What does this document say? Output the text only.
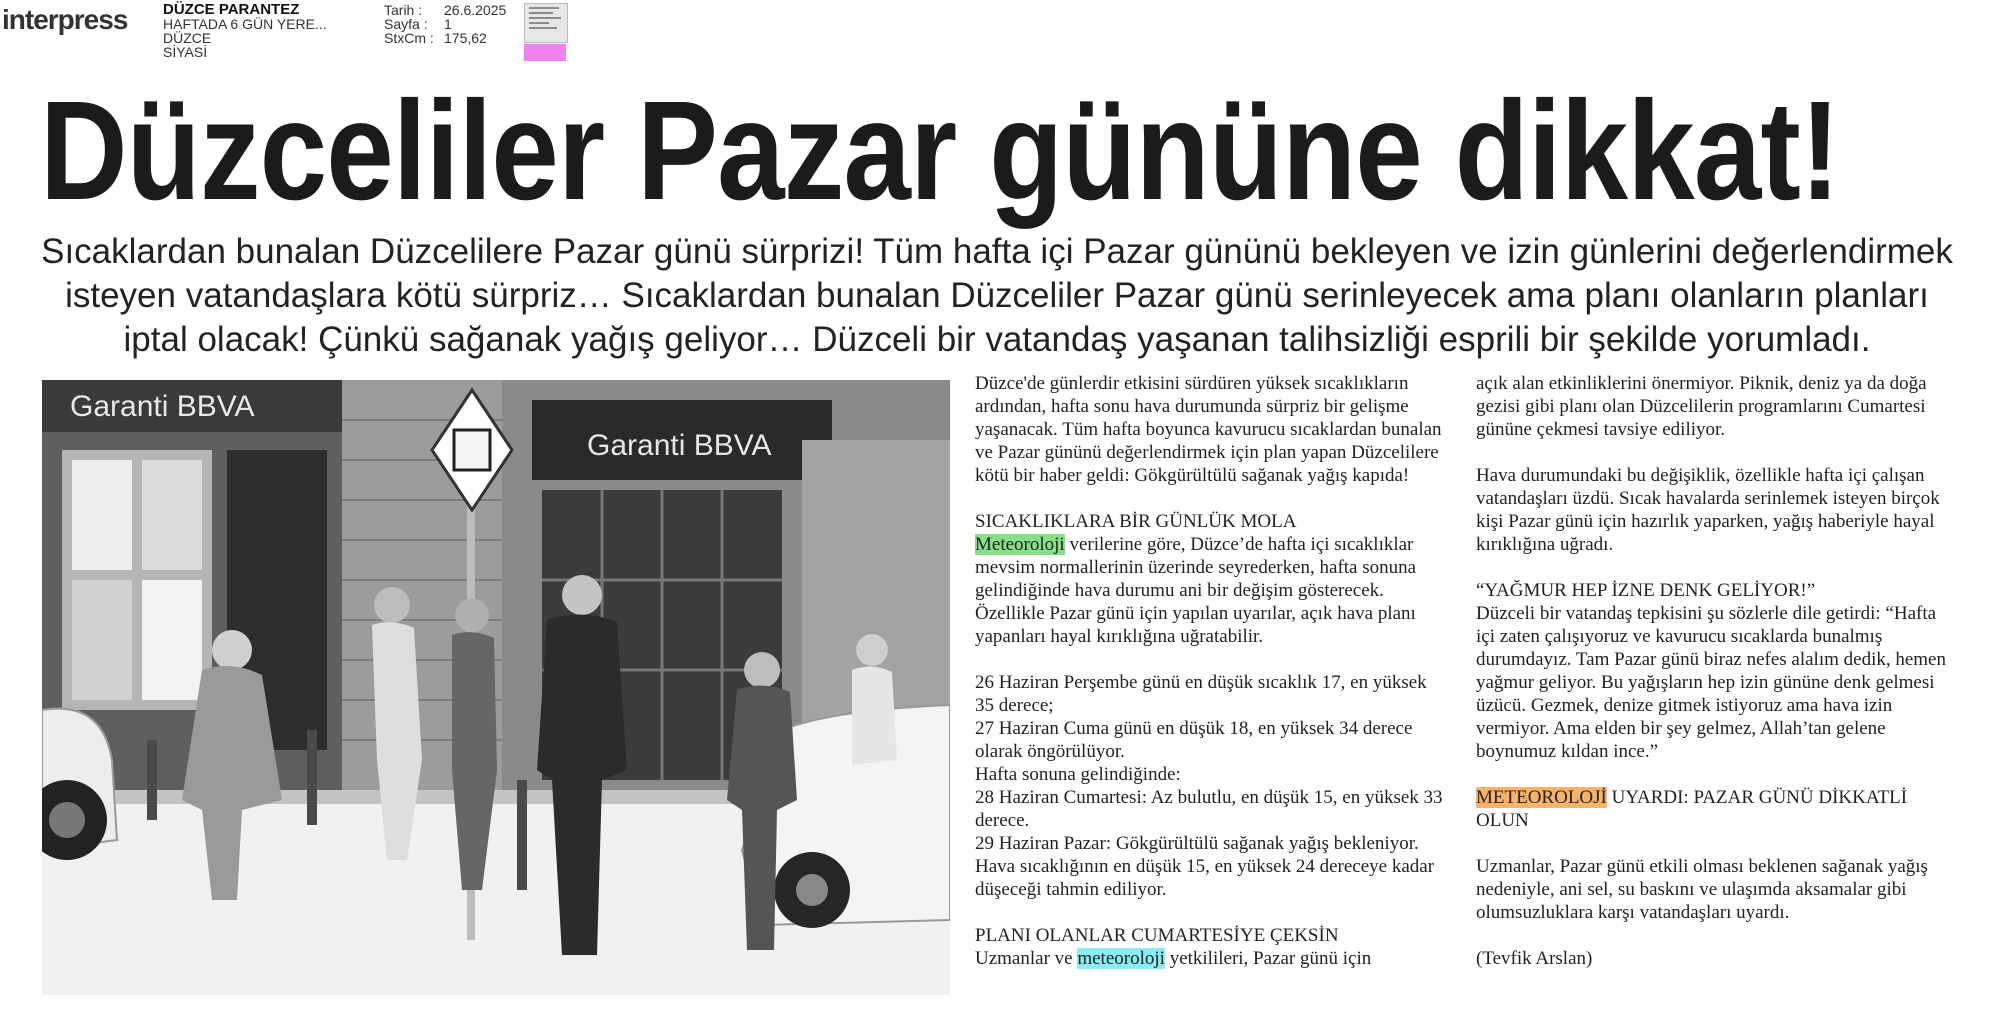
interpress DÜZCE PARANTEZ
HAFTADA 6 GÜN YERE...
DÜZCE
SİYASİ
Tarih :	26.6.2025
Sayfa :	1
StxCm : 175,62
Düzceliler Pazar gününe dikkat!

Sıcaklardan bunalan Düzcelilere Pazar günü sürprizi! Tüm hafta içi Pazar gününü bekleyen ve izin günlerini değerlendirmek isteyen vatandaşlara kötü sürpriz… Sıcaklardan bunalan Düzceliler Pazar günü serinleyecek ama planı olanların planları iptal olacak! Çünkü sağanak yağış geliyor… Düzceli bir vatandaş yaşanan talihsizliği esprili bir şekilde yorumladı.

Garanti BBVA
Garanti BBVA

Düzce'de günlerdir etkisini sürdüren yüksek sıcaklıkların ardından, hafta sonu hava durumunda sürpriz bir gelişme yaşanacak. Tüm hafta boyunca kavurucu sıcaklardan bunalan ve Pazar gününü değerlendirmek için plan yapan Düzcelilere kötü bir haber geldi: Gökgürültülü sağanak yağış kapıda!

SICAKLIKLARA BİR GÜNLÜK MOLA

Meteoroloji verilerine göre, Düzce’de hafta içi sıcaklıklar mevsim normallerinin üzerinde seyrederken, hafta sonuna gelindiğinde hava durumu ani bir değişim gösterecek. Özellikle Pazar günü için yapılan uyarılar, açık hava planı yapanları hayal kırıklığına uğratabilir.

26 Haziran Perşembe günü en düşük sıcaklık 17, en yüksek 35 derece;

27 Haziran Cuma günü en düşük 18, en yüksek 34 derece olarak öngörülüyor.

Hafta sonuna gelindiğinde:

28 Haziran Cumartesi: Az bulutlu, en düşük 15, en yüksek 33 derece.

29 Haziran Pazar: Gökgürültülü sağanak yağış bekleniyor. Hava sıcaklığının en düşük 15, en yüksek 24 dereceye kadar düşeceği tahmin ediliyor.

PLANI OLANLAR CUMARTESİYE ÇEKSİN

Uzmanlar ve meteoroloji yetkilileri, Pazar günü için

açık alan etkinliklerini önermiyor. Piknik, deniz ya da doğa gezisi gibi planı olan Düzcelilerin programlarını Cumartesi gününe çekmesi tavsiye ediliyor.

Hava durumundaki bu değişiklik, özellikle hafta içi çalışan vatandaşları üzdü. Sıcak havalarda serinlemek isteyen birçok kişi Pazar günü için hazırlık yaparken, yağış haberiyle hayal kırıklığına uğradı.

“YAĞMUR HEP İZNE DENK GELİYOR!”

Düzceli bir vatandaş tepkisini şu sözlerle dile getirdi: “Hafta içi zaten çalışıyoruz ve kavurucu sıcaklarda bunalmış durumdayız. Tam Pazar günü biraz nefes alalım dedik, hemen yağmur geliyor. Bu yağışların hep izin gününe denk gelmesi üzücü. Gezmek, denize gitmek istiyoruz ama hava izin vermiyor. Ama elden bir şey gelmez, Allah’tan gelene boynumuz kıldan ince.”

METEOROLOJİ UYARDI: PAZAR GÜNÜ DİKKATLİ OLUN

Uzmanlar, Pazar günü etkili olması beklenen sağanak yağış nedeniyle, ani sel, su baskını ve ulaşımda aksamalar gibi olumsuzluklara karşı vatandaşları uyardı.

(Tevfik Arslan)
